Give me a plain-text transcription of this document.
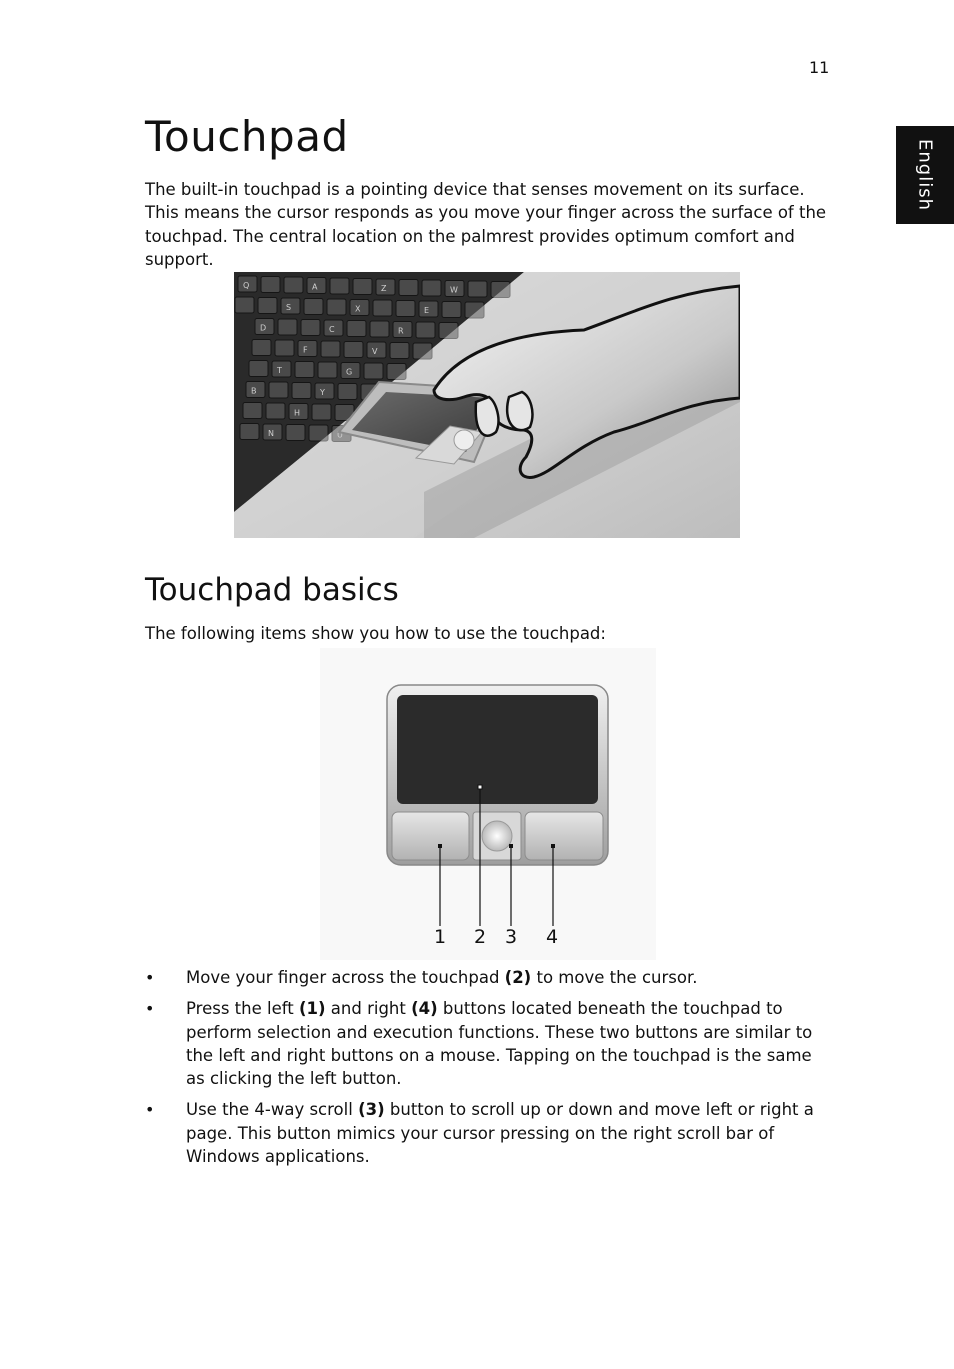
11
English
Touchpad

The built-in touchpad is a pointing device that senses movement on its surface. This means the cursor responds as you move your finger across the surface of the touchpad. The central location on the palmrest provides optimum comfort and support.

Q	A	Z	W
S	X	E
D	C	R
F	V
T	G
B	Y
H
N
Touchpad basics

The following items show you how to use the touchpad:

1 2 3 4
• Move your finger across the touchpad (2) to move the cursor.
• Press the left (1) and right (4) buttons located beneath the touchpad to perform selection and execution functions. These two buttons are similar to the left and right buttons on a mouse. Tapping on the touchpad is the same as clicking the left button.
• Use the 4-way scroll (3) button to scroll up or down and move left or right a page. This button mimics your cursor pressing on the right scroll bar of Windows applications.
